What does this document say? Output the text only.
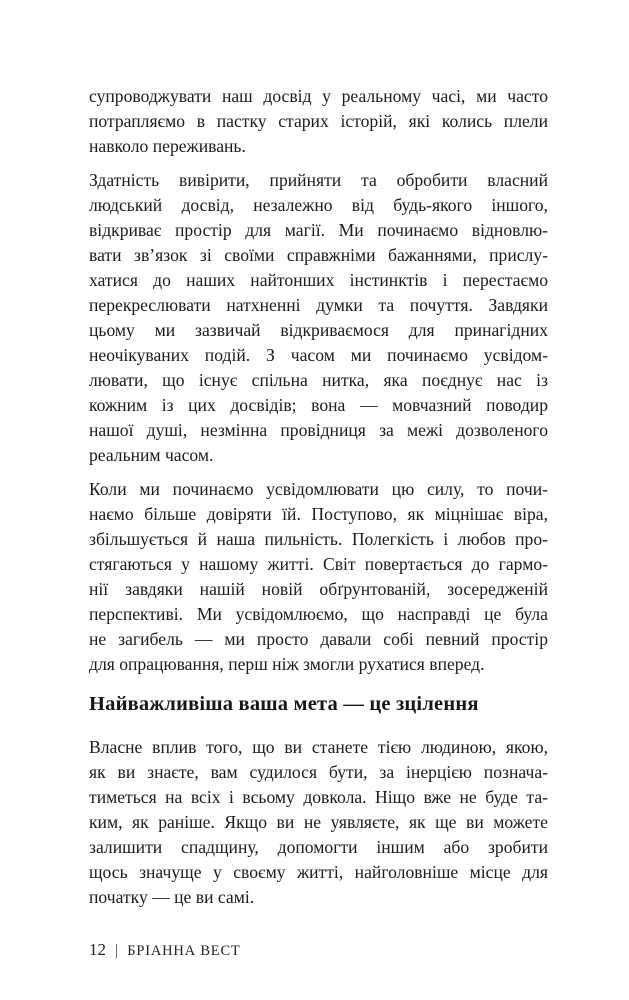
супроводжувати наш досвід у реальному часі, ми часто
потрапляємо в пастку старих історій, які колись плели
навколо переживань.

Здатність вивірити, прийняти та обробити власний
людський досвід, незалежно від будь-якого іншого,
відкриває простір для магії. Ми починаємо відновлю-
вати зв’язок зі своїми справжніми бажаннями, прислу-
хатися до наших найтонших інстинктів і перестаємо
перекреслювати натхненні думки та почуття. Завдяки
цьому ми зазвичай відкриваємося для принагідних
неочікуваних подій. З часом ми починаємо усвідом-
лювати, що існує спільна нитка, яка поєднує нас із
кожним із цих досвідів; вона — мовчазний поводир
нашої душі, незмінна провідниця за межі дозволеного
реальним часом.

Коли ми починаємо усвідомлювати цю силу, то почи-
наємо більше довіряти їй. Поступово, як міцнішає віра,
збільшується й наша пильність. Полегкість і любов про-
стягаються у нашому житті. Світ повертається до гармо-
нії завдяки нашій новій обґрунтованій, зосередженій
перспективі. Ми усвідомлюємо, що насправді це була
не загибель — ми просто давали собі певний простір
для опрацювання, перш ніж змогли рухатися вперед.

Найважливіша ваша мета — це зцілення

Власне вплив того, що ви станете тією людиною, якою,
як ви знаєте, вам судилося бути, за інерцією познача-
тиметься на всіх і всьому довкола. Ніщо вже не буде та-
ким, як раніше. Якщо ви не уявляєте, як ще ви можете
залишити спадщину, допомогти іншим або зробити
щось значуще у своєму житті, найголовніше місце для
початку — це ви самі.

12 | БРІАННА ВЕСТ
